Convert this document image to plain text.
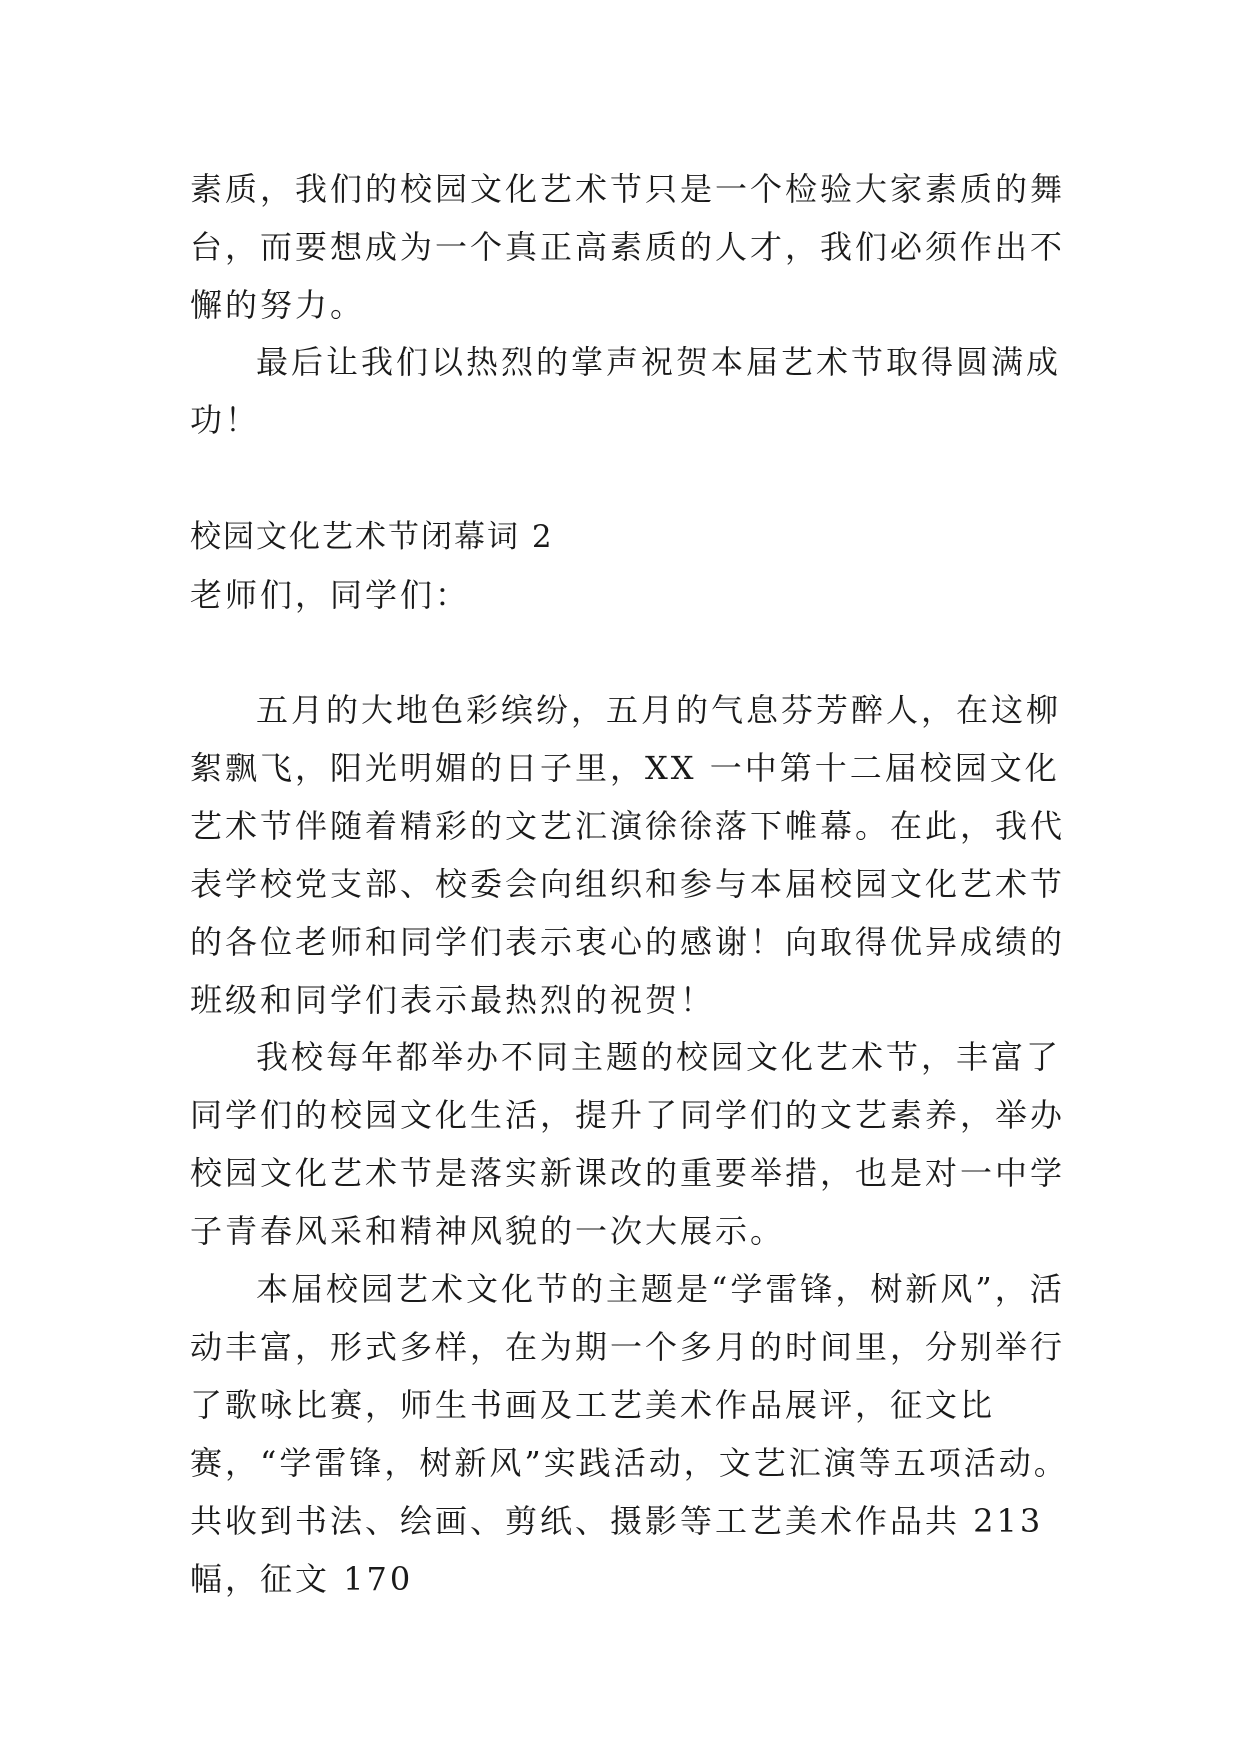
素质，我们的校园文化艺术节只是一个检验大家素质的舞台，而要想成为一个真正高素质的人才，我们必须作出不懈的努力。

最后让我们以热烈的掌声祝贺本届艺术节取得圆满成功！

校园文化艺术节闭幕词 2

老师们，同学们：

五月的大地色彩缤纷，五月的气息芬芳醉人，在这柳絮飘飞，阳光明媚的日子里，XX 一中第十二届校园文化艺术节伴随着精彩的文艺汇演徐徐落下帷幕。在此，我代表学校党支部、校委会向组织和参与本届校园文化艺术节的各位老师和同学们表示衷心的感谢！向取得优异成绩的班级和同学们表示最热烈的祝贺！

我校每年都举办不同主题的校园文化艺术节，丰富了同学们的校园文化生活，提升了同学们的文艺素养，举办校园文化艺术节是落实新课改的重要举措，也是对一中学子青春风采和精神风貌的一次大展示。

本届校园艺术文化节的主题是“学雷锋，树新风”，活动丰富，形式多样，在为期一个多月的时间里，分别举行了歌咏比赛，师生书画及工艺美术作品展评，征文比赛，“学雷锋，树新风”实践活动，文艺汇演等五项活动。共收到书法、绘画、剪纸、摄影等工艺美术作品共 213 幅，征文 170
